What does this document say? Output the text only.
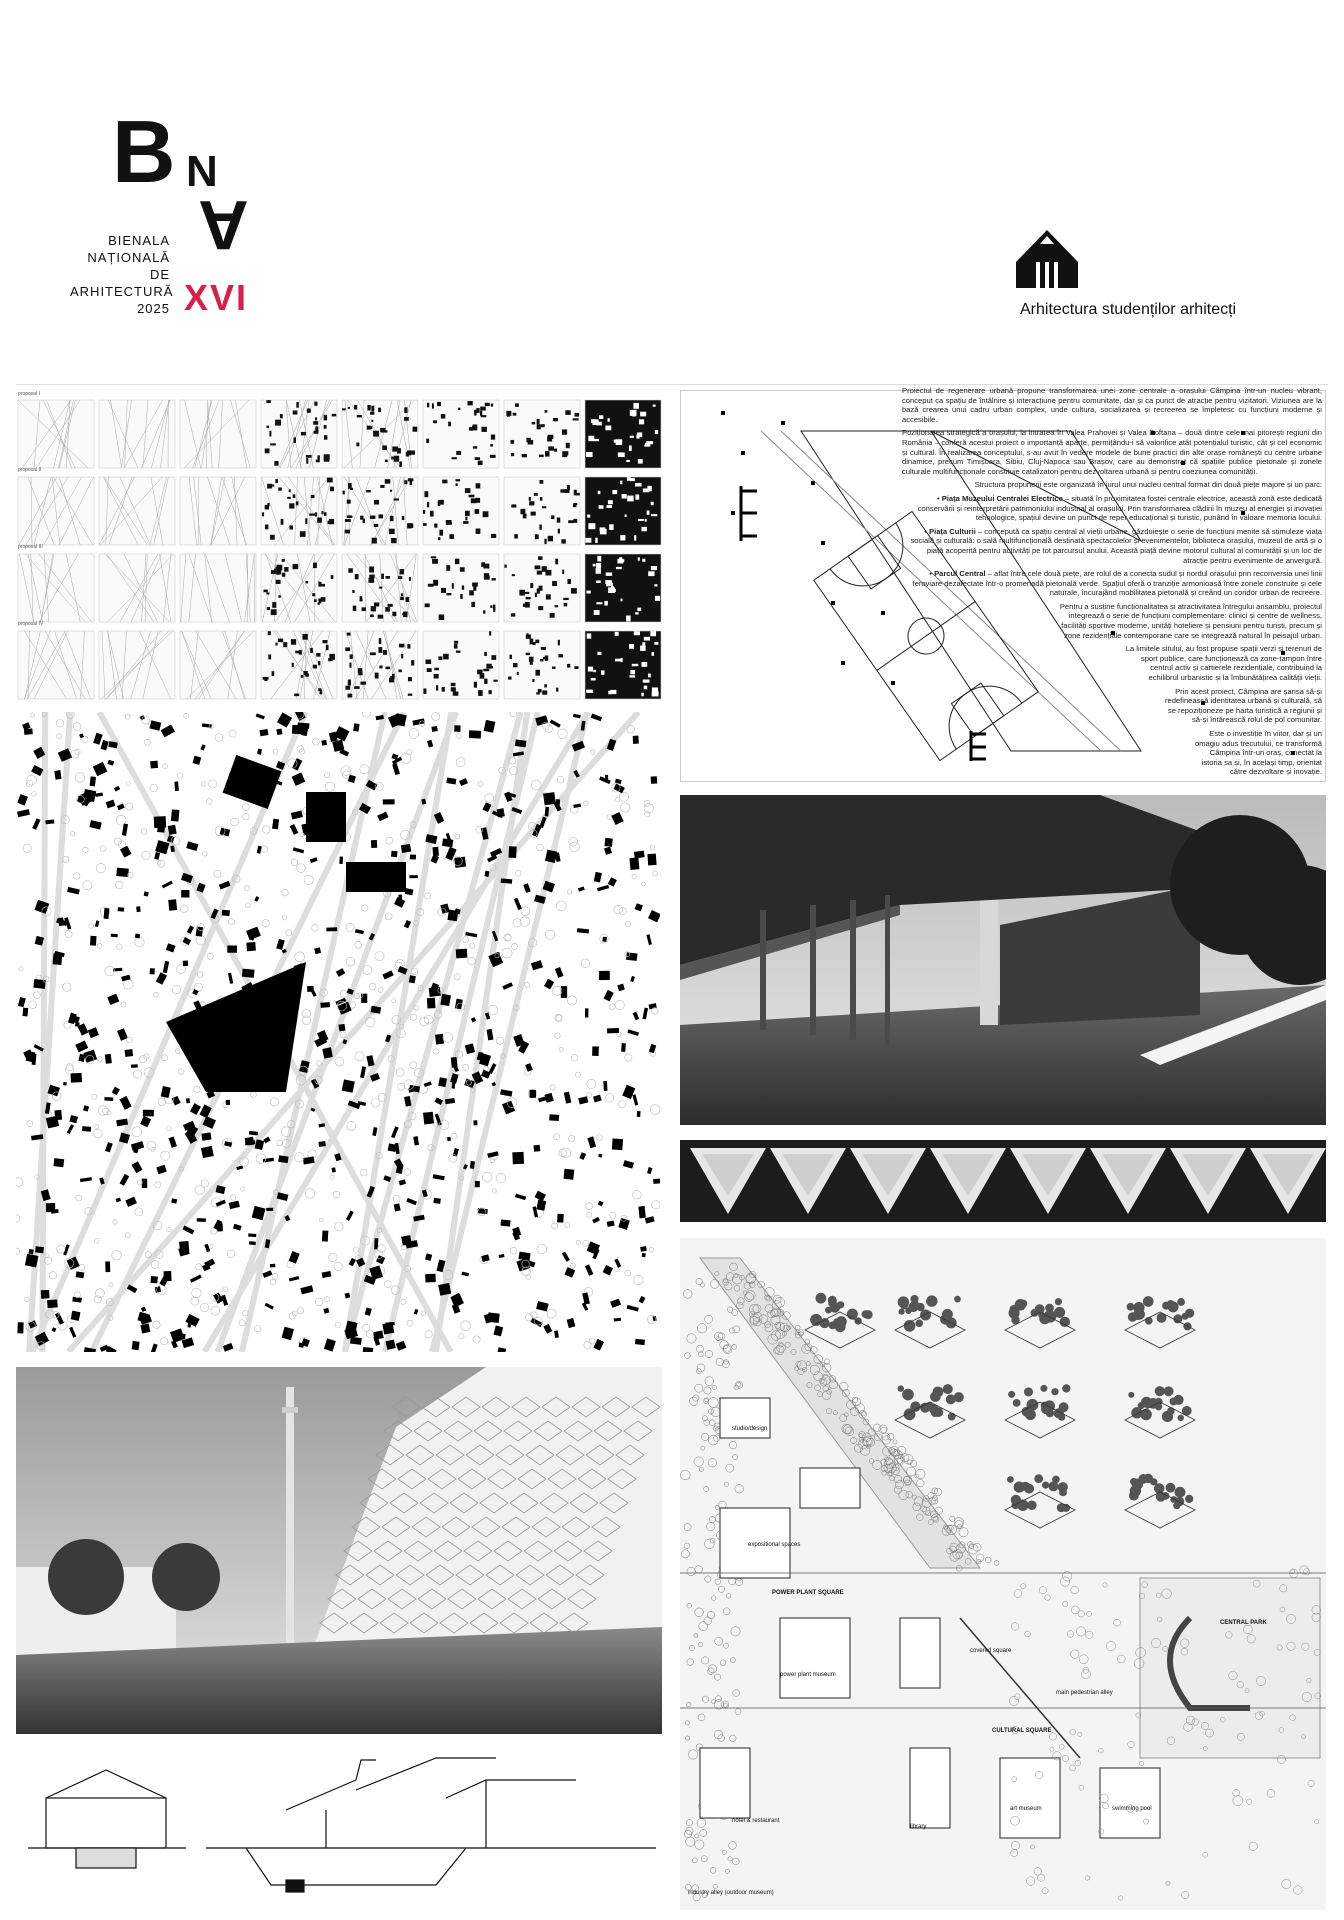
B N
A
BIENALA
NAȚIONALĂ
DE
ARHITECTURĂ
2025 XVI	Arhitectura studenților arhitecți
proposal I
proposal II
proposal III
proposal IV

Proiectul de regenerare urbană propune transformarea unei zone centrale a orașului Câmpina într-un nucleu vibrant, conceput ca spațiu de întâlnire și interacțiune pentru comunitate, dar și ca punct de atracție pentru vizitatori. Viziunea are la bază crearea unui cadru urban complex, unde cultura, socializarea și recreerea se împletesc cu funcțiuni moderne și accesibile.

Poziționarea strategică a orașului, la intrarea în Valea Prahovei și Valea Doftana – două dintre cele mai pitorești regiuni din România – conferă acestui proiect o importanță aparte, permițându-i să valorifice atât potențialul turistic, cât și cel economic și cultural. În realizarea conceptului, s-au avut în vedere modele de bune practici din alte orașe românești cu centre urbane dinamice, precum Timișoara, Sibiu, Cluj-Napoca sau Brașov, care au demonstrat că spațiile publice pietonale și zonele culturale multifuncționale constituie catalizatori pentru dezvoltarea urbană și pentru coeziunea comunității.

Structura propunerii este organizată în jurul unui nucleu central format din două piețe majore și un parc:

• Piața Muzeului Centralei Electrice – situată în proximitatea fostei centrale electrice, această zonă este dedicată conservării și reinterpretării patrimoniului industrial al orașului. Prin transformarea clădirii în muzeu al energiei și inovației tehnologice, spațiul devine un punct de reper educațional și turistic, punând în valoare memoria locului.

• Piața Culturii – concepută ca spațiu central al vieții urbane, găzduiește o serie de funcțiuni menite să stimuleze viața socială și culturală: o sală multifuncțională destinată spectacolelor și evenimentelor, biblioteca orașului, muzeul de artă și o piață acoperită pentru activități pe tot parcursul anului. Această piață devine motorul cultural al comunității și un loc de atracție pentru evenimente de anvergură.

• Parcul Central – aflat între cele două piețe, are rolul de a conecta sudul și nordul orașului prin reconversia unei linii feroviare dezafectate într-o promenadă pietonală verde. Spațiul oferă o tranziție armonioasă între zonele construite și cele naturale, încurajând mobilitatea pietonală și creând un coridor urban de recreere.

Pentru a susține funcționalitatea și atractivitatea întregului ansamblu, proiectul integrează o serie de funcțiuni complementare: clinici și centre de wellness, facilități sportive moderne, unități hoteliere și pensiuni pentru turiști, precum și zone rezidențiale contemporane care se integrează natural în peisajul urban.

La limitele sitului, au fost propuse spații verzi și terenuri de sport publice, care funcționează ca zone-tampon între centrul activ și cartierele rezidențiale, contribuind la echilibrul urbanistic și la îmbunătățirea calității vieții.

Prin acest proiect, Câmpina are șansa să-și redefinească identitatea urbană și culturală, să se repoziționeze pe harta turistică a regiunii și să-și întărească rolul de pol comunitar.

Este o investiție în viitor, dar și un omagiu adus trecutului, ce transformă Câmpina într-un oraș, conectat la istoria sa și, în același timp, orientat către dezvoltare și inovație.

studio/design
expositional spaces
POWER PLANT SQUARE
power plant museum
CENTRAL PARK
CULTURAL SQUARE
covered square
hotel & restaurant
library
art museum	swimming pool
main pedestrian alley
industry alley (outdoor museum)
